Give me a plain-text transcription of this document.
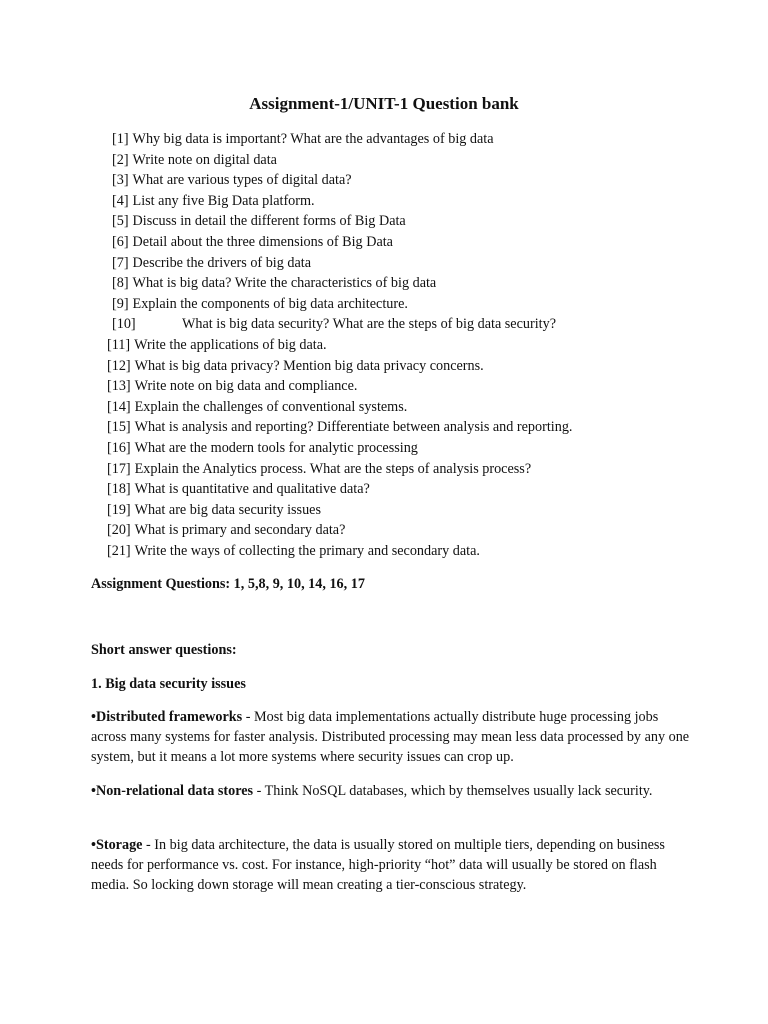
Assignment-1/UNIT-1 Question bank
[1] Why big data is important? What are the advantages of big data
[2] Write note on digital data
[3] What are various types of digital data?
[4] List any five Big Data platform.
[5] Discuss in detail the different forms of Big Data
[6] Detail about the three dimensions of Big Data
[7] Describe the drivers of big data
[8] What is big data? Write the characteristics of big data
[9] Explain the components of big data architecture.
[10]	What is big data security? What are the steps of big data security?
[11] Write the applications of big data.
[12] What is big data privacy? Mention big data privacy concerns.
[13] Write note on big data and compliance.
[14] Explain the challenges of conventional systems.
[15] What is analysis and reporting? Differentiate between analysis and reporting.
[16] What are the modern tools for analytic processing
[17] Explain the Analytics process. What are the steps of analysis process?
[18] What is quantitative and qualitative data?
[19] What are big data security issues
[20] What is primary and secondary data?
[21] Write the ways of collecting the primary and secondary data.
Assignment Questions: 1, 5,8, 9, 10, 14, 16, 17
Short answer questions:
1. Big data security issues
•Distributed frameworks - Most big data implementations actually distribute huge processing jobs across many systems for faster analysis. Distributed processing may mean less data processed by any one system, but it means a lot more systems where security issues can crop up.
•Non-relational data stores - Think NoSQL databases, which by themselves usually lack security.
•Storage - In big data architecture, the data is usually stored on multiple tiers, depending on business needs for performance vs. cost. For instance, high-priority “hot” data will usually be stored on flash media. So locking down storage will mean creating a tier-conscious strategy.
